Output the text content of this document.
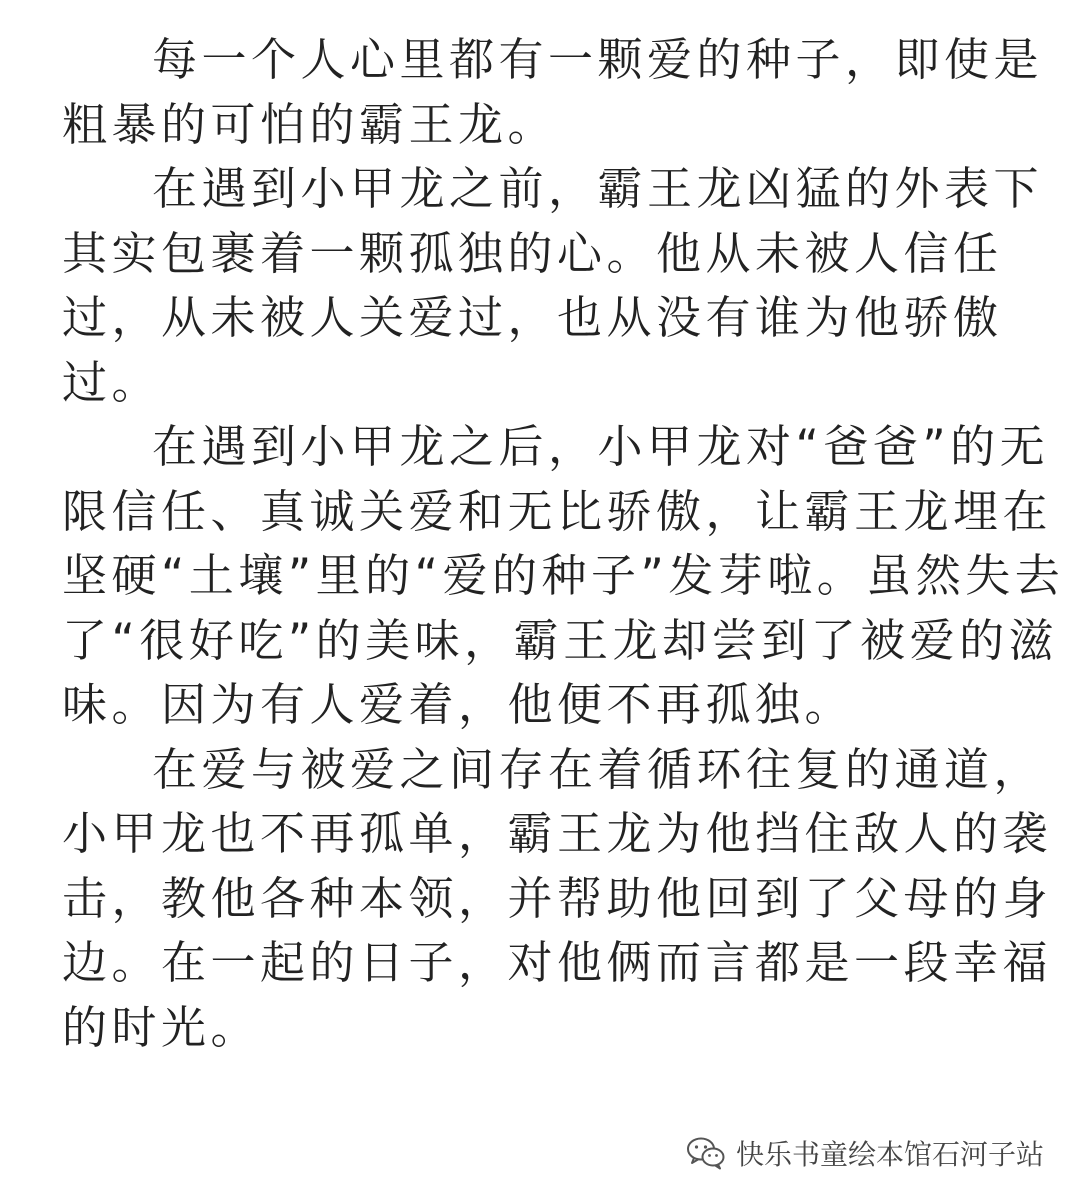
每一个人心里都有一颗爱的种子，即使是
粗暴的可怕的霸王龙。
在遇到小甲龙之前，霸王龙凶猛的外表下
其实包裹着一颗孤独的心。他从未被人信任
过，从未被人关爱过，也从没有谁为他骄傲
过。
在遇到小甲龙之后，小甲龙对“爸爸”的无
限信任、真诚关爱和无比骄傲，让霸王龙埋在
坚硬“土壤”里的“爱的种子”发芽啦。虽然失去
了“很好吃”的美味，霸王龙却尝到了被爱的滋
味。因为有人爱着，他便不再孤独。
在爱与被爱之间存在着循环往复的通道，
小甲龙也不再孤单，霸王龙为他挡住敌人的袭
击，教他各种本领，并帮助他回到了父母的身
边。在一起的日子，对他俩而言都是一段幸福
的时光。
快乐书童绘本馆石河子站
